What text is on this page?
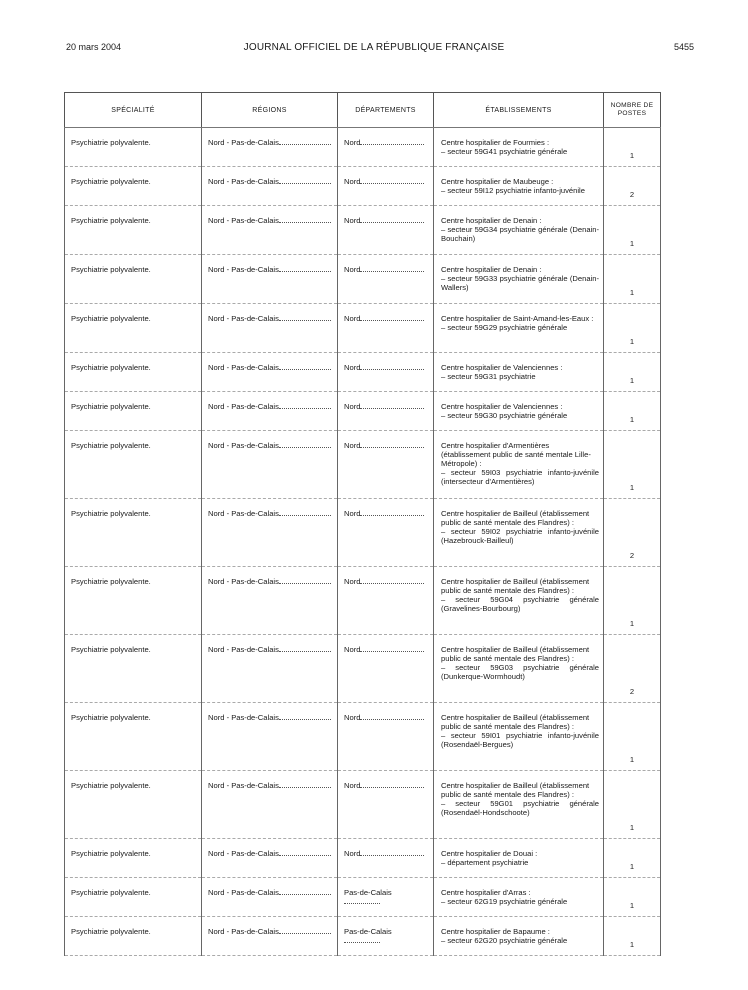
20 mars 2004	JOURNAL OFFICIEL DE LA RÉPUBLIQUE FRANÇAISE	5455
SPÉCIALITÉ	RÉGIONS	DÉPARTEMENTS	ÉTABLISSEMENTS	NOMBRE DE POSTES

Psychiatrie polyvalente.	Nord - Pas-de-Calais	Nord	Centre hospitalier de Fourmies :
– secteur 59G41 psychiatrie générale	1

Psychiatrie polyvalente.	Nord - Pas-de-Calais	Nord	Centre hospitalier de Maubeuge :
– secteur 59I12 psychiatrie infanto-juvénile	2

Psychiatrie polyvalente.	Nord - Pas-de-Calais	Nord	Centre hospitalier de Denain :
– secteur 59G34 psychiatrie générale (Denain-Bouchain)	1

Psychiatrie polyvalente.	Nord - Pas-de-Calais	Nord	Centre hospitalier de Denain :
– secteur 59G33 psychiatrie générale (Denain-Wallers)	1

Psychiatrie polyvalente.	Nord - Pas-de-Calais	Nord	Centre hospitalier de Saint-Amand-les-Eaux :
– secteur 59G29 psychiatrie générale	1

Psychiatrie polyvalente.	Nord - Pas-de-Calais	Nord	Centre hospitalier de Valenciennes :
– secteur 59G31 psychiatrie	1

Psychiatrie polyvalente.	Nord - Pas-de-Calais	Nord	Centre hospitalier de Valenciennes :
– secteur 59G30 psychiatrie générale	1

Psychiatrie polyvalente.	Nord - Pas-de-Calais	Nord	Centre hospitalier d'Armentières (établissement public de santé mentale Lille-Métropole) :
– secteur 59I03 psychiatrie infanto-juvénile (intersecteur d'Armentières)	1

Psychiatrie polyvalente.	Nord - Pas-de-Calais	Nord	Centre hospitalier de Bailleul (établissement public de santé mentale des Flandres) :
– secteur 59I02 psychiatrie infanto-juvénile (Hazebrouck-Bailleul)	2

Psychiatrie polyvalente.	Nord - Pas-de-Calais	Nord	Centre hospitalier de Bailleul (établissement public de santé mentale des Flandres) :
– secteur 59G04 psychiatrie générale (Gravelines-Bourbourg)	1

Psychiatrie polyvalente.	Nord - Pas-de-Calais	Nord	Centre hospitalier de Bailleul (établissement public de santé mentale des Flandres) :
– secteur 59G03 psychiatrie générale (Dunkerque-Wormhoudt)	2

Psychiatrie polyvalente.	Nord - Pas-de-Calais	Nord	Centre hospitalier de Bailleul (établissement public de santé mentale des Flandres) :
– secteur 59I01 psychiatrie infanto-juvénile (Rosendaël-Bergues)	1

Psychiatrie polyvalente.	Nord - Pas-de-Calais	Nord	Centre hospitalier de Bailleul (établissement public de santé mentale des Flandres) :
– secteur 59G01 psychiatrie générale (Rosendaël-Hondschoote)	1

Psychiatrie polyvalente.	Nord - Pas-de-Calais	Nord	Centre hospitalier de Douai :
– département psychiatrie	1

Psychiatrie polyvalente.	Nord - Pas-de-Calais	Pas-de-Calais	Centre hospitalier d'Arras :
– secteur 62G19 psychiatrie générale	1

Psychiatrie polyvalente.	Nord - Pas-de-Calais	Pas-de-Calais	Centre hospitalier de Bapaume :
– secteur 62G20 psychiatrie générale	1
